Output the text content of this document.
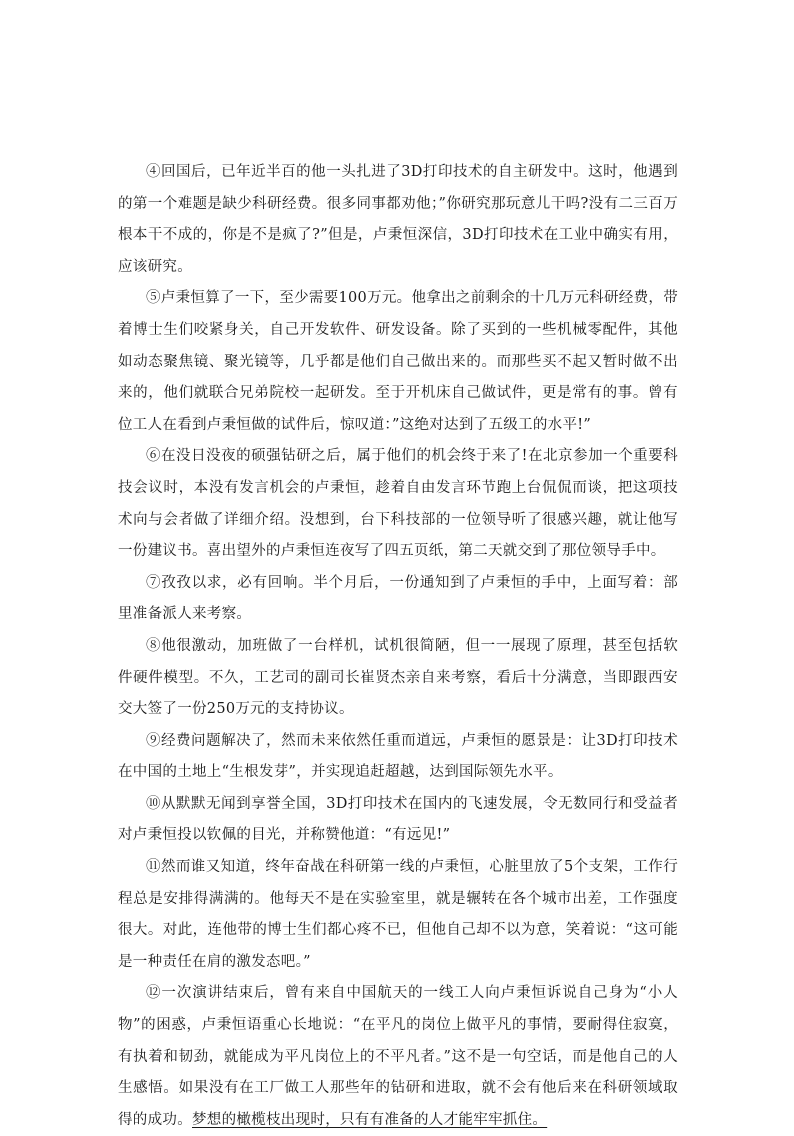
④回国后，已年近半百的他一头扎进了3D打印技术的自主研发中。这时，他遇到的第一个难题是缺少科研经费。很多同事都劝他；”你研究那玩意儿干吗?没有二三百万根本干不成的，你是不是疯了?”但是，卢秉恒深信，3D打印技术在工业中确实有用，应该研究。

⑤卢秉恒算了一下，至少需要100万元。他拿出之前剩余的十几万元科研经费，带着博士生们咬紧身关，自己开发软件、研发设备。除了买到的一些机械零配件，其他如动态聚焦镜、聚光镜等，几乎都是他们自己做出来的。而那些买不起又暂时做不出来的，他们就联合兄弟院校一起研发。至于开机床自己做试件，更是常有的事。曾有位工人在看到卢秉恒做的试件后，惊叹道：”这绝对达到了五级工的水平!”

⑥在没日没夜的硕强钻研之后，属于他们的机会终于来了!在北京参加一个重要科技会议时，本没有发言机会的卢秉恒，趁着自由发言环节跑上台侃侃而谈，把这项技术向与会者做了详细介绍。没想到，台下科技部的一位领导听了很感兴趣，就让他写一份建议书。喜出望外的卢秉恒连夜写了四五页纸，第二天就交到了那位领导手中。

⑦孜孜以求，必有回响。半个月后，一份通知到了卢秉恒的手中，上面写着：部里准备派人来考察。

⑧他很激动，加班做了一台样机，试机很简陋，但一一展现了原理，甚至包括软件硬件模型。不久，工艺司的副司长崔贤杰亲自来考察，看后十分满意，当即跟西安交大签了一份250万元的支持协议。

⑨经费问题解决了，然而未来依然任重而道远，卢秉恒的愿景是：让3D打印技术在中国的土地上“生根发芽”，并实现追赶超越，达到国际领先水平。

⑩从默默无闻到享誉全国，3D打印技术在国内的飞速发展，令无数同行和受益者对卢秉恒投以钦佩的目光，并称赞他道：“有远见!”

⑪然而谁又知道，终年奋战在科研第一线的卢秉恒，心脏里放了5个支架，工作行程总是安排得满满的。他每天不是在实验室里，就是辗转在各个城市出差，工作强度很大。对此，连他带的博士生们都心疼不已，但他自己却不以为意，笑着说：“这可能是一种责任在肩的激发态吧。”

⑫一次演讲结束后，曾有来自中国航天的一线工人向卢秉恒诉说自己身为“小人物”的困惑，卢秉恒语重心长地说：“在平凡的岗位上做平凡的事情，要耐得住寂寞，有执着和韧劲，就能成为平凡岗位上的不平凡者。”这不是一句空话，而是他自己的人生感悟。如果没有在工厂做工人那些年的钻研和进取，就不会有他后来在科研领域取得的成功。梦想的橄榄枝出现时，只有有准备的人才能牢牢抓住。
